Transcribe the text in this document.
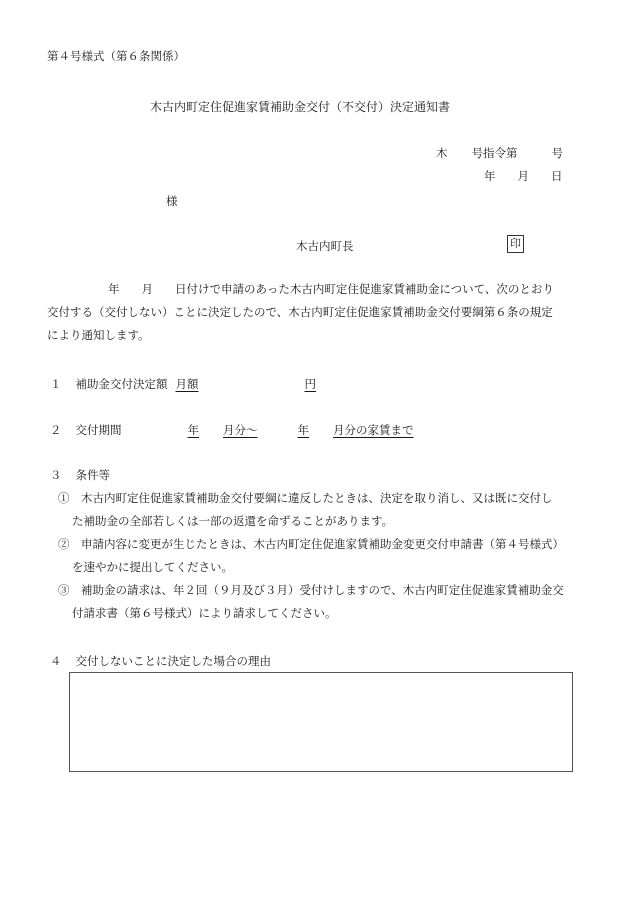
第４号様式（第６条関係）
木古内町定住促進家賃補助金交付（不交付）決定通知書
木 号指令第	号
年 月 日
様
木古内町長	印
年 月 日付けで申請のあった木古内町定住促進家賃補助金について、次のとおり
交付する（交付しない）ことに決定したので、木古内町定住促進家賃補助金交付要綱第６条の規定
により通知します。
１ 補助金交付決定額 月額	円
２ 交付期間	年 月分～	年 月分の家賃まで
３ 条件等
①　木古内町定住促進家賃補助金交付要綱に違反したときは、決定を取り消し、又は既に交付し
た補助金の全部若しくは一部の返還を命ずることがあります。
②　申請内容に変更が生じたときは、木古内町定住促進家賃補助金変更交付申請書（第４号様式）
を速やかに提出してください。
③　補助金の請求は、年２回（９月及び３月）受付けしますので、木古内町定住促進家賃補助金交
付請求書（第６号様式）により請求してください。
４ 交付しないことに決定した場合の理由
